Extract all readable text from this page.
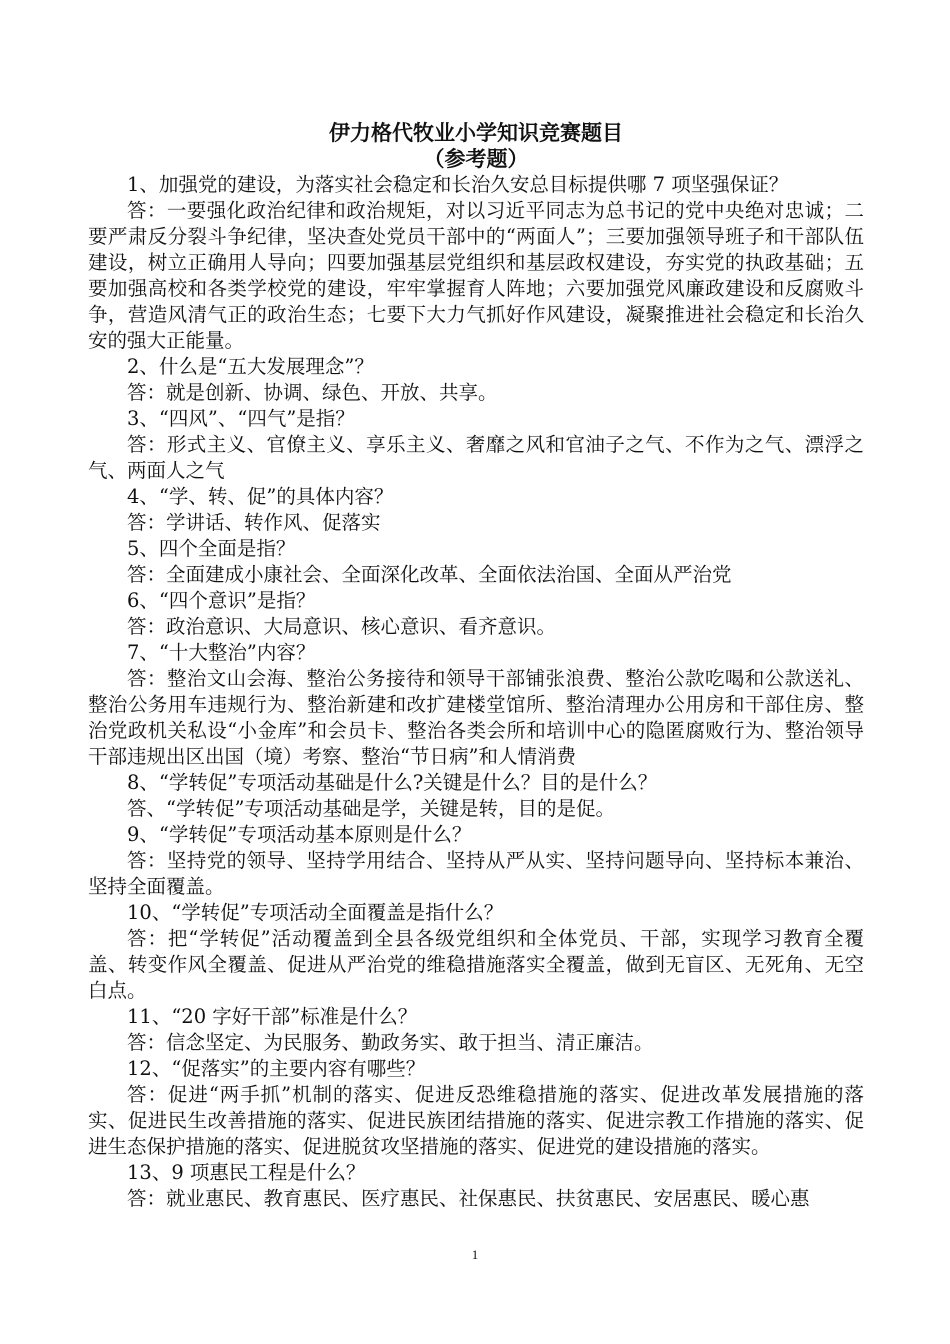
伊力格代牧业小学知识竞赛题目
（参考题）

1、加强党的建设，为落实社会稳定和长治久安总目标提供哪 7 项坚强保证？

答：一要强化政治纪律和政治规矩，对以习近平同志为总书记的党中央绝对忠诚；二要严肃反分裂斗争纪律，坚决查处党员干部中的“两面人”；三要加强领导班子和干部队伍建设，树立正确用人导向；四要加强基层党组织和基层政权建设，夯实党的执政基础；五要加强高校和各类学校党的建设，牢牢掌握育人阵地；六要加强党风廉政建设和反腐败斗争，营造风清气正的政治生态；七要下大力气抓好作风建设，凝聚推进社会稳定和长治久安的强大正能量。

2、什么是“五大发展理念”？

答：就是创新、协调、绿色、开放、共享。

3、“四风”、“四气”是指？

答：形式主义、官僚主义、享乐主义、奢靡之风和官油子之气、不作为之气、漂浮之气、两面人之气

4、“学、转、促”的具体内容？

答：学讲话、转作风、促落实

5、四个全面是指？

答：全面建成小康社会、全面深化改革、全面依法治国、全面从严治党

6、“四个意识”是指？

答：政治意识、大局意识、核心意识、看齐意识。

7、“十大整治”内容？

答：整治文山会海、整治公务接待和领导干部铺张浪费、整治公款吃喝和公款送礼、整治公务用车违规行为、整治新建和改扩建楼堂馆所、整治清理办公用房和干部住房、整治党政机关私设“小金库”和会员卡、整治各类会所和培训中心的隐匿腐败行为、整治领导干部违规出区出国（境）考察、整治“节日病”和人情消费

8、“学转促”专项活动基础是什么?关键是什么？目的是什么？

答、“学转促”专项活动基础是学，关键是转，目的是促。

9、“学转促”专项活动基本原则是什么？

答：坚持党的领导、坚持学用结合、坚持从严从实、坚持问题导向、坚持标本兼治、坚持全面覆盖。

10、“学转促”专项活动全面覆盖是指什么？

答：把“学转促”活动覆盖到全县各级党组织和全体党员、干部，实现学习教育全覆盖、转变作风全覆盖、促进从严治党的维稳措施落实全覆盖，做到无盲区、无死角、无空白点。

11、“20 字好干部”标准是什么？

答：信念坚定、为民服务、勤政务实、敢于担当、清正廉洁。

12、“促落实”的主要内容有哪些？

答：促进“两手抓”机制的落实、促进反恐维稳措施的落实、促进改革发展措施的落实、促进民生改善措施的落实、促进民族团结措施的落实、促进宗教工作措施的落实、促进生态保护措施的落实、促进脱贫攻坚措施的落实、促进党的建设措施的落实。

13、9 项惠民工程是什么？

答：就业惠民、教育惠民、医疗惠民、社保惠民、扶贫惠民、安居惠民、暖心惠

1
